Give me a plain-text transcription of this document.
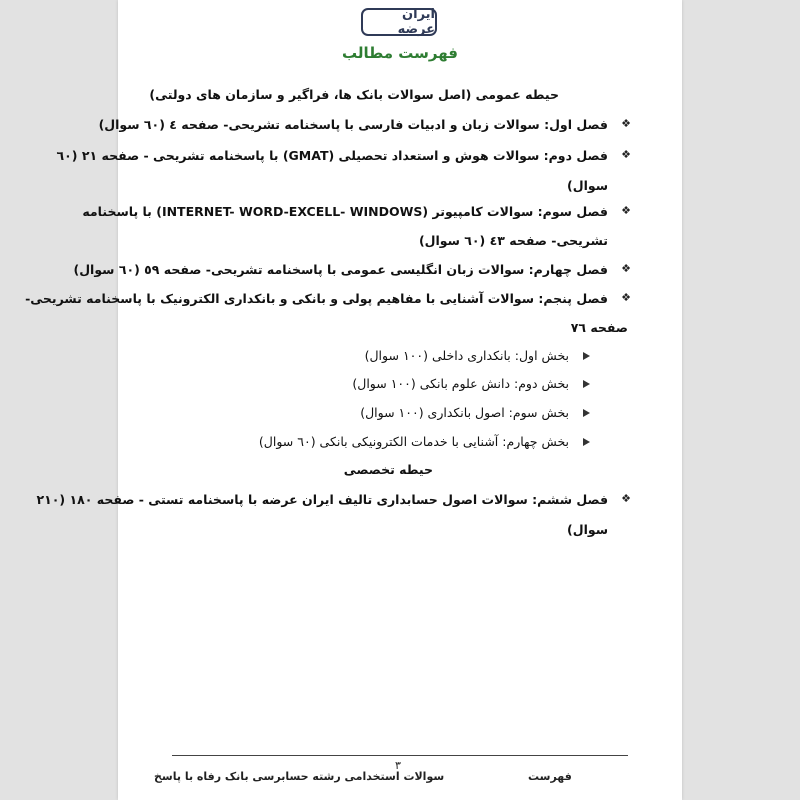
ایران عرضه
فهرست مطالب
حیطه عمومی (اصل سوالات بانک ها، فراگیر و سازمان های دولتی)
❖
فصل اول: سوالات زبان و ادبیات فارسی با پاسخنامه تشریحی- صفحه ٤ (٦٠ سوال)
❖
فصل دوم: سوالات هوش و استعداد تحصیلی (GMAT) با پاسخنامه تشریحی - صفحه ٢١ (٦٠
سوال)
❖
فصل سوم: سوالات کامپیوتر (INTERNET- WORD-EXCELL- WINDOWS) با پاسخنامه
تشریحی- صفحه ٤٣ (٦٠ سوال)
❖
فصل چهارم: سوالات زبان انگلیسی عمومی با پاسخنامه تشریحی- صفحه ٥٩ (٦٠ سوال)
❖
فصل پنجم: سوالات آشنایی با مفاهیم پولی و بانکی و بانکداری الکترونیک با پاسخنامه تشریحی-
صفحه ٧٦
بخش اول: بانکداری داخلی (١٠٠ سوال)
بخش دوم: دانش علوم بانکی (١٠٠ سوال)
بخش سوم: اصول بانکداری (١٠٠ سوال)
بخش چهارم: آشنایی با خدمات الکترونیکی بانکی (٦٠ سوال)
حیطه تخصصی
❖
فصل ششم: سوالات اصول حسابداری تالیف ایران عرضه با پاسخنامه تستی - صفحه ١٨٠ (٢١٠
سوال)
٣
فهرست
سوالات استخدامی رشته حسابرسی بانک رفاه با پاسخ
